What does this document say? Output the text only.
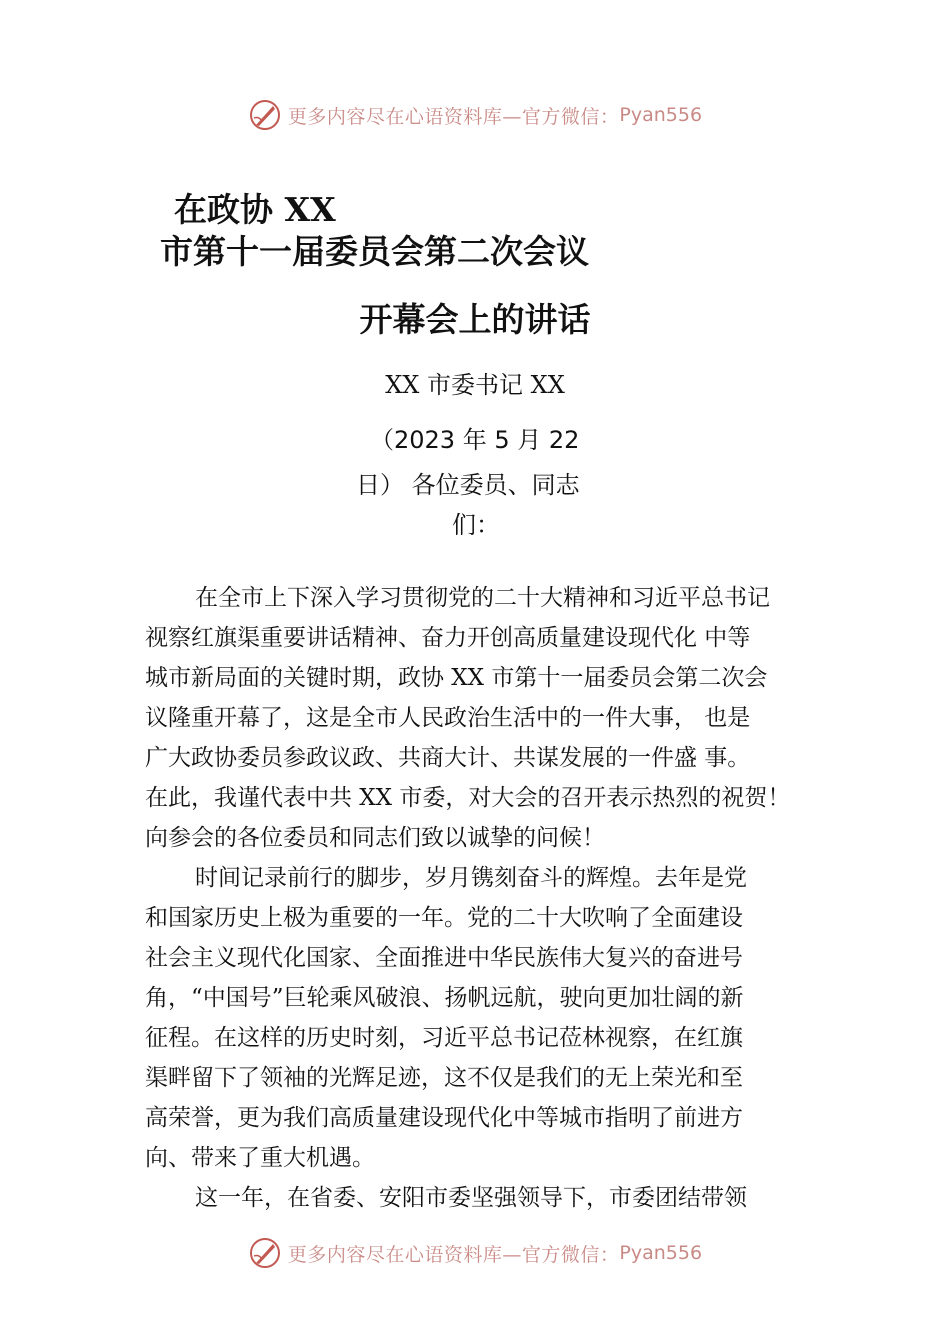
更多内容尽在心语资料库—官方微信： Pyan556
在政协 XX
市第十一届委员会第二次会议
开幕会上的讲话
XX 市委书记 XX
（2023 年 5 月 22
日） 各位委员、同志
们：
在全市上下深入学习贯彻党的二十大精神和习近平总书记
视察红旗渠重要讲话精神、奋力开创高质量建设现代化 中等
城市新局面的关键时期，政协 XX 市第十一届委员会第二次会
议隆重开幕了，这是全市人民政治生活中的一件大事， 也是
广大政协委员参政议政、共商大计、共谋发展的一件盛 事。
在此，我谨代表中共 XX 市委，对大会的召开表示热烈的祝贺！
向参会的各位委员和同志们致以诚挚的问候！
时间记录前行的脚步，岁月镌刻奋斗的辉煌。去年是党
和国家历史上极为重要的一年。党的二十大吹响了全面建设
社会主义现代化国家、全面推进中华民族伟大复兴的奋进号
角，“中国号”巨轮乘风破浪、扬帆远航，驶向更加壮阔的新
征程。在这样的历史时刻，习近平总书记莅林视察，在红旗
渠畔留下了领袖的光辉足迹，这不仅是我们的无上荣光和至
高荣誉，更为我们高质量建设现代化中等城市指明了前进方
向、带来了重大机遇。
这一年，在省委、安阳市委坚强领导下，市委团结带领
更多内容尽在心语资料库—官方微信： Pyan556
